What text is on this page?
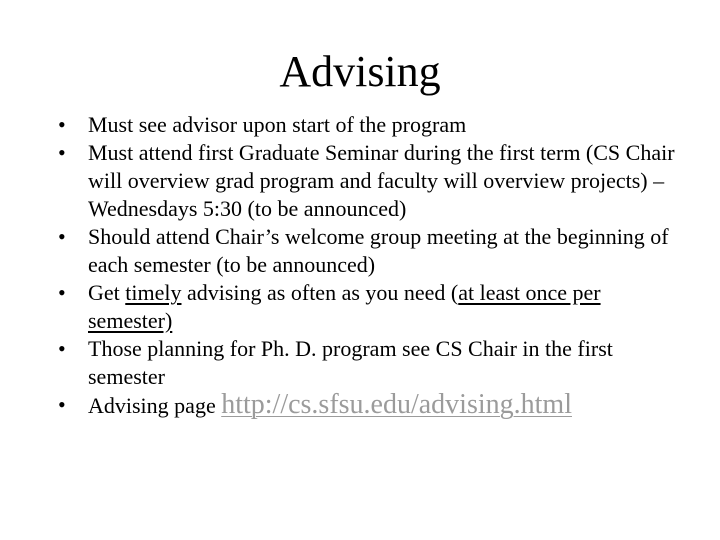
Advising
•	Must see advisor upon start of the program
•	Must attend first Graduate Seminar during the first term (CS Chair will overview grad program and faculty will overview projects) – Wednesdays 5:30 (to be announced)
•	Should attend Chair’s welcome group meeting at the beginning of each semester (to be announced)
•	Get timely advising as often as you need (at least once per semester)
•	Those planning for Ph. D. program see CS Chair in the first semester
•	Advising page http://cs.sfsu.edu/advising.html
